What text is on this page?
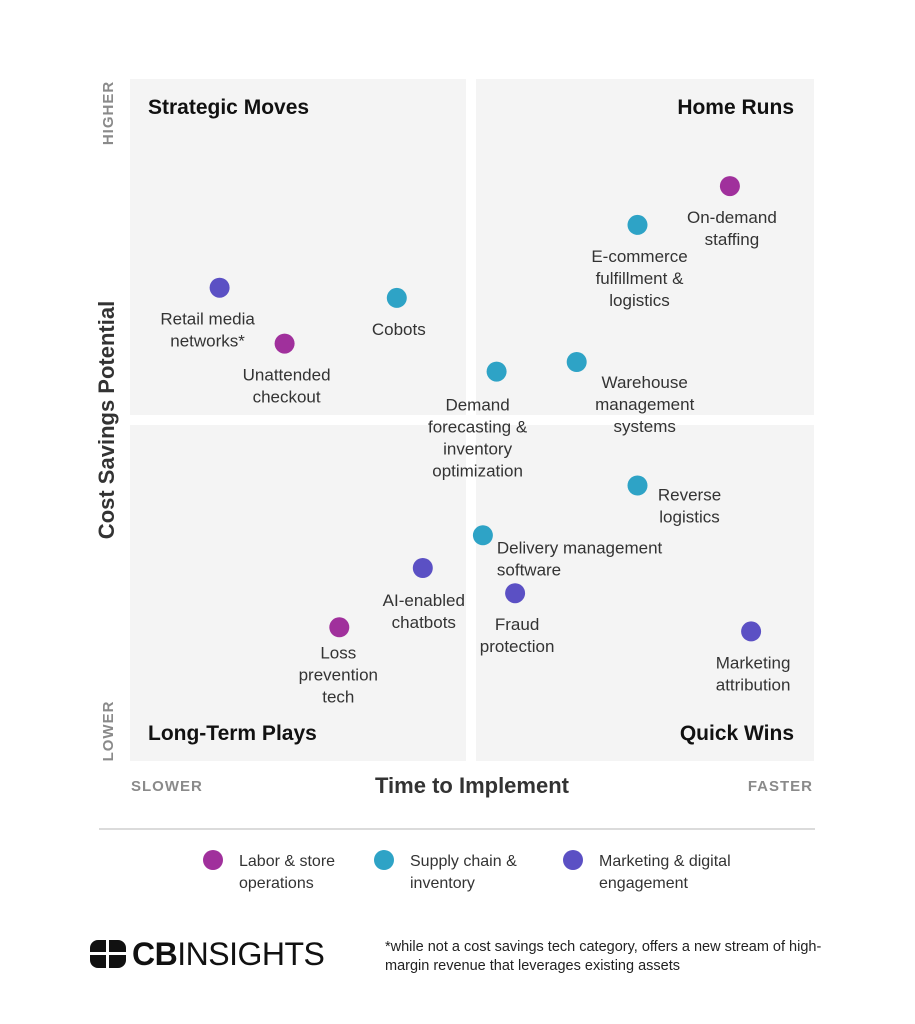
Strategic Moves	Home Runs
Long-Term Plays	Quick Wins
HIGHER
LOWER
Cost Savings Potential
SLOWER	FASTER
Time to Implement
On-demand
staffing
E-commerce
fulfillment &
logistics
Retail media
networks*
Cobots
Unattended
checkout
Warehouse
management
systems
Demand
forecasting &
inventory
optimization
Reverse
logistics
Delivery management
software
AI-enabled
chatbots Fraud
protection
Loss
prevention
tech
Marketing
attribution
Labor & store
operations
Supply chain &
inventory
Marketing & digital
engagement
CBINSIGHTS	*while not a cost savings tech category, offers a new stream of high-margin revenue that leverages existing assets
